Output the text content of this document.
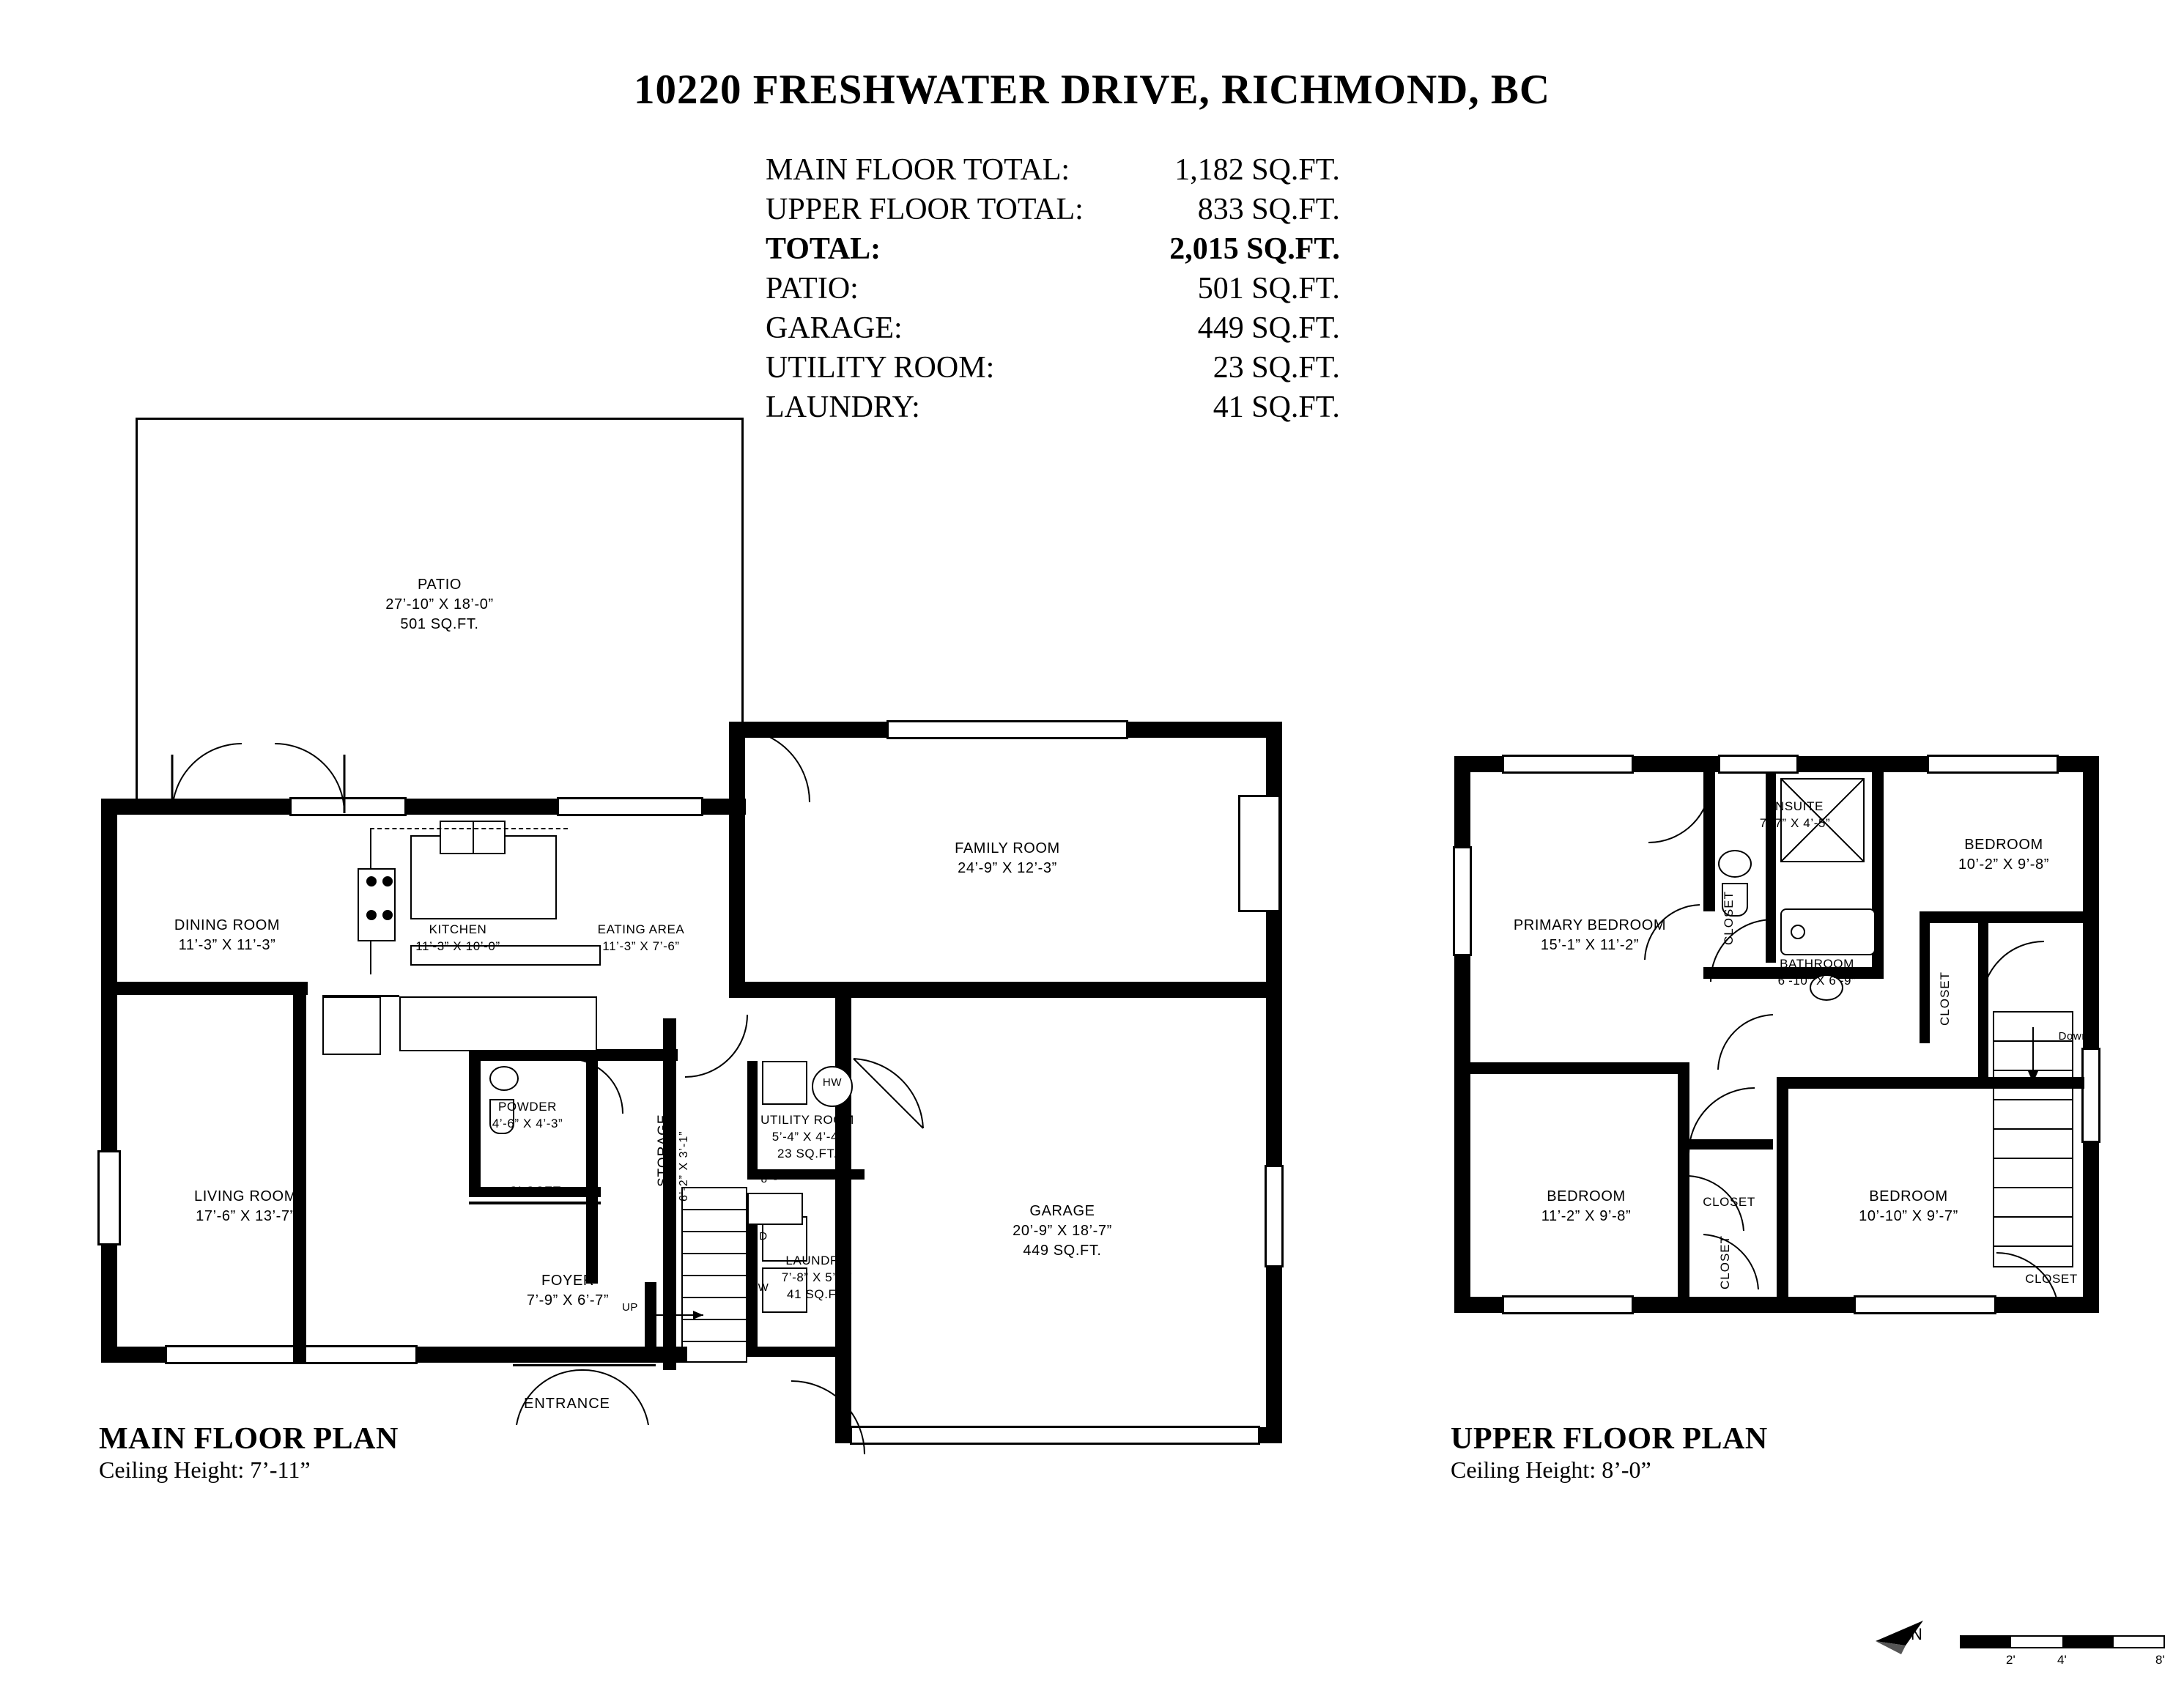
10220 FRESHWATER DRIVE, RICHMOND, BC
MAIN FLOOR TOTAL:	1,182 SQ.FT.
UPPER FLOOR TOTAL:	833 SQ.FT.
TOTAL:	2,015 SQ.FT.
PATIO:	501 SQ.FT.
GARAGE:	449 SQ.FT.
UTILITY ROOM:	23 SQ.FT.
LAUNDRY:	41 SQ.FT.
PATIO
27’-10” X 18’-0”
501 SQ.FT.
HW
D
W
UP
8’ -
DINING ROOM
11’-3” X 11’-3”
KITCHEN
11’-3” X 10’-0”
EATING AREA
11’-3” X 7’-6”
FAMILY ROOM
24’-9” X 12’-3”
LIVING ROOM
17’-6” X 13’-7”
POWDER
4’-6” X 4’-3”
CLOSET
STORAGE 6’-2” X 3’-1”
UTILITY ROOM
5’-4” X 4’-4”
23 SQ.FT.
LAUNDRY
7’-8” X 5’-4”
41 SQ.FT.
FOYER
7’-9” X 6’-7”
GARAGE
20’-9” X 18’-7”
449 SQ.FT.
ENTRANCE
MAIN FLOOR PLAN
Ceiling Height: 7’-11”
Down
PRIMARY BEDROOM
15’-1” X 11’-2”
ENSUITE
7’-7” X 4’-5”
BEDROOM
10’-2” X 9’-8”
BATHROOM
6’-10” X 6’-9”
BEDROOM
11’-2” X 9’-8”
BEDROOM
10’-10” X 9’-7”
CLOSET
CLOSET
CLOSET
CLOSET	CLOSET
UPPER FLOOR PLAN
Ceiling Height: 8’-0”
N
2'	4'	8'
